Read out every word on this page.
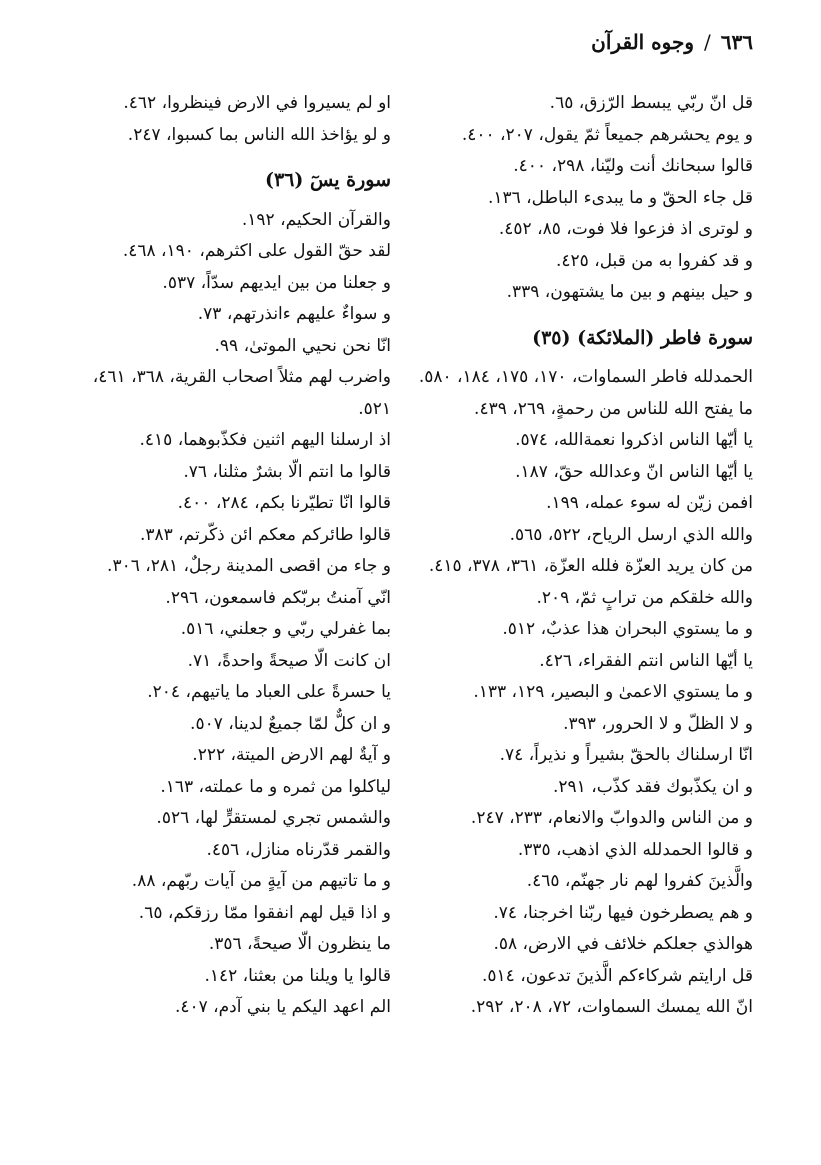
٦٣٦/وجوه القرآن
قل انّ ربّي يبسط الرّزق، ٦٥.
و يوم يحشرهم جميعاً ثمّ يقول، ٢٠٧، ٤٠٠.
قالوا سبحانك أنت وليّنا، ٢٩٨، ٤٠٠.
قل جاء الحقّ و ما يبدىء الباطل، ١٣٦.
و لوترى اذ فزعوا فلا فوت، ٨٥، ٤٥٢.
و قد كفروا به من قبل، ٤٢٥.
و حيل بينهم و بين ما يشتهون، ٣٣٩.
سورة فاطر (الملائكة) (٣٥)
الحمدلله فاطر السماوات، ١٧٠، ١٧٥، ١٨٤، ٥٨٠.
ما يفتح الله للناس من رحمةٍ، ٢٦٩، ٤٣٩.
يا أيّها الناس اذكروا نعمةالله، ٥٧٤.
يا أيّها الناس انّ وعدالله حقّ، ١٨٧.
افمن زيّن له سوء عمله، ١٩٩.
والله الذي ارسل الرياح، ٥٢٢، ٥٦٥.
من كان يريد العزّة فلله العزّة، ٣٦١، ٣٧٨، ٤١٥.
والله خلقكم من ترابٍ ثمّ، ٢٠٩.
و ما يستوي البحران هذا عذبٌ، ٥١٢.
يا أيّها الناس انتم الفقراء، ٤٢٦.
و ما يستوي الاعمىٰ و البصير، ١٢٩، ١٣٣.
و لا الظلّ و لا الحرور، ٣٩٣.
انّا ارسلناك بالحقّ بشيراً و نذيراً، ٧٤.
و ان يكذّبوك فقد كذّب، ٢٩١.
و من الناس والدوابّ والانعام، ٢٣٣، ٢٤٧.
و قالوا الحمدلله الذي اذهب، ٣٣٥.
والَّذينَ كفروا لهم نار جهنّم، ٤٦٥.
و هم يصطرخون فيها ربّنا اخرجنا، ٧٤.
هوالذي جعلكم خلائف في الارض، ٥٨.
قل ارايتم شركاءكم الَّذينَ تدعون، ٥١٤.
انّ الله يمسك السماوات، ٧٢، ٢٠٨، ٢٩٢.
او لم يسيروا في الارض فينظروا، ٤٦٢.
و لو يؤاخذ الله الناس بما كسبوا، ٢٤٧.
سورة يسٓ (٣٦)
والقرآن الحكيم، ١٩٢.
لقد حقّ القول على اكثرهم، ١٩٠، ٤٦٨.
و جعلنا من بين ايديهم سدّاً، ٥٣٧.
و سواءٌ عليهم ءانذرتهم، ٧٣.
انّا نحن نحيي الموتىٰ، ٩٩.
واضرب لهم مثلاً اصحاب القرية، ٣٦٨، ٤٦١، ٥٢١.
اذ ارسلنا اليهم اثنين فكذّبوهما، ٤١٥.
قالوا ما انتم الّا بشرٌ مثلنا، ٧٦.
قالوا انّا تطيّرنا بكم، ٢٨٤، ٤٠٠.
قالوا طائركم معكم ائن ذكّرتم، ٣٨٣.
و جاء من اقصى المدينة رجلٌ، ٢٨١، ٣٠٦.
انّي آمنتُ بربّكم فاسمعون، ٢٩٦.
بما غفرلي ربّي و جعلني، ٥١٦.
ان كانت الّا صيحةً واحدةً، ٧١.
يا حسرةً على العباد ما ياتيهم، ٢٠٤.
و ان كلٌّ لمّا جميعٌ لدينا، ٥٠٧.
و آيةٌ لهم الارض الميتة، ٢٢٢.
لياكلوا من ثمره و ما عملته، ١٦٣.
والشمس تجري لمستقرٍّ لها، ٥٢٦.
والقمر قدّرناه منازل، ٤٥٦.
و ما تاتيهم من آيةٍ من آيات ربّهم، ٨٨.
و اذا قيل لهم انفقوا ممّا رزقكم، ٦٥.
ما ينظرون الّا صيحةً، ٣٥٦.
قالوا يا ويلنا من بعثنا، ١٤٢.
الم اعهد اليكم يا بني آدم، ٤٠٧.
